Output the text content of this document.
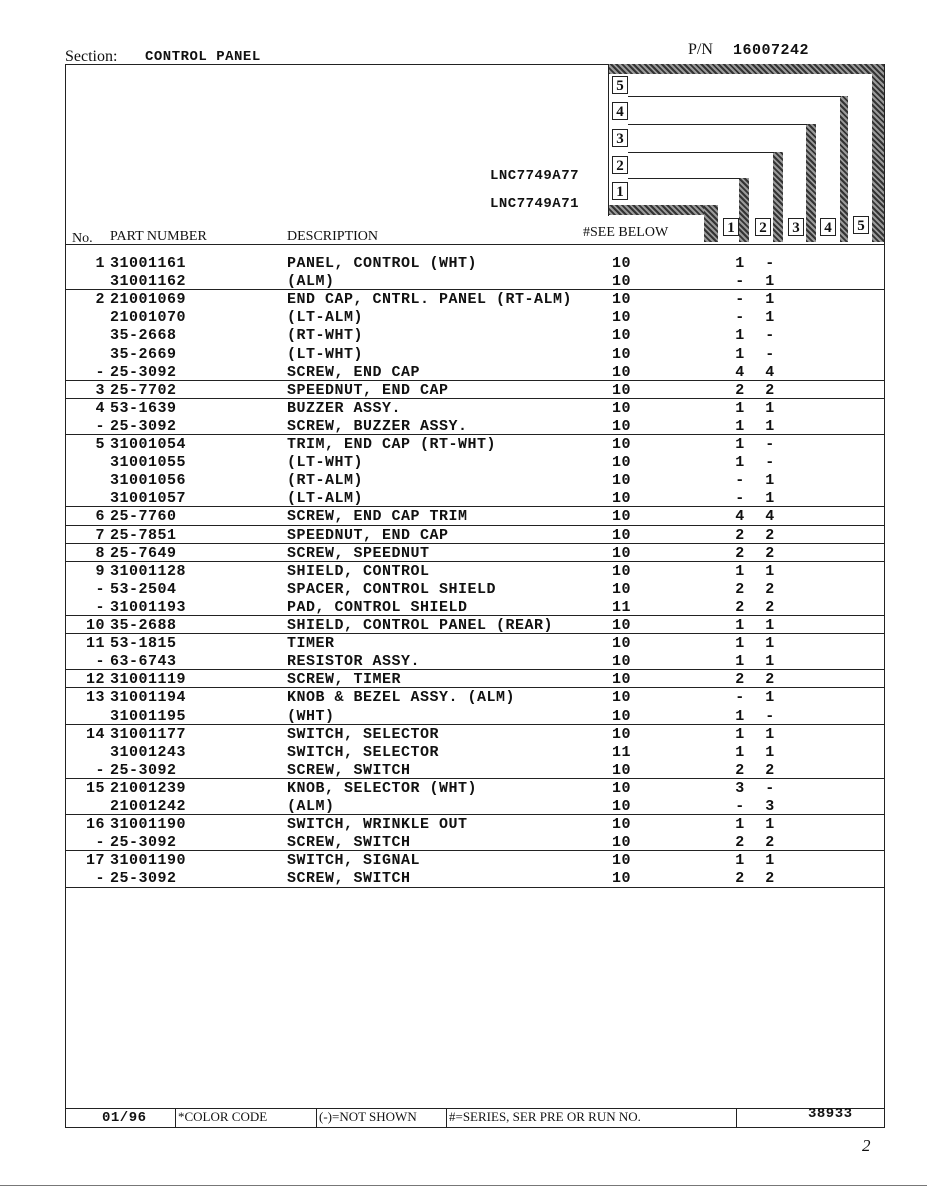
Section: CONTROL PANEL	P/N 16007242
5
4
3
2
1
1 2 3 4 5
LNC7749A77
LNC7749A71
No. PART NUMBER	DESCRIPTION	#SEE BELOW
1 31001161	PANEL, CONTROL (WHT)	10	1 -
31001162	(ALM)	10	- 1
2 21001069	END CAP, CNTRL. PANEL (RT-ALM)	10	- 1
21001070	(LT-ALM)	10	- 1
35-2668	(RT-WHT)	10	1 -
35-2669	(LT-WHT)	10	1 -
- 25-3092	SCREW, END CAP	10	4 4
3 25-7702	SPEEDNUT, END CAP	10	2 2
4 53-1639	BUZZER ASSY.	10	1 1
- 25-3092	SCREW, BUZZER ASSY.	10	1 1
5 31001054	TRIM, END CAP (RT-WHT)	10	1 -
31001055	(LT-WHT)	10	1 -
31001056	(RT-ALM)	10	- 1
31001057	(LT-ALM)	10	- 1
6 25-7760	SCREW, END CAP TRIM	10	4 4
7 25-7851	SPEEDNUT, END CAP	10	2 2
8 25-7649	SCREW, SPEEDNUT	10	2 2
9 31001128	SHIELD, CONTROL	10	1 1
- 53-2504	SPACER, CONTROL SHIELD	10	2 2
- 31001193	PAD, CONTROL SHIELD	11	2 2
10 35-2688	SHIELD, CONTROL PANEL (REAR)	10	1 1
11 53-1815	TIMER	10	1 1
- 63-6743	RESISTOR ASSY.	10	1 1
12 31001119	SCREW, TIMER	10	2 2
13 31001194	KNOB & BEZEL ASSY. (ALM)	10	- 1
31001195	(WHT)	10	1 -
14 31001177	SWITCH, SELECTOR	10	1 1
31001243	SWITCH, SELECTOR	11	1 1
- 25-3092	SCREW, SWITCH	10	2 2
15 21001239	KNOB, SELECTOR (WHT)	10	3 -
21001242	(ALM)	10	- 3
16 31001190	SWITCH, WRINKLE OUT	10	1 1
- 25-3092	SCREW, SWITCH	10	2 2
17 31001190	SWITCH, SIGNAL	10	1 1
- 25-3092	SCREW, SWITCH	10	2 2
01/96 *COLOR CODE	(-)=NOT SHOWN #=SERIES, SER PRE OR RUN NO.	38933
2
